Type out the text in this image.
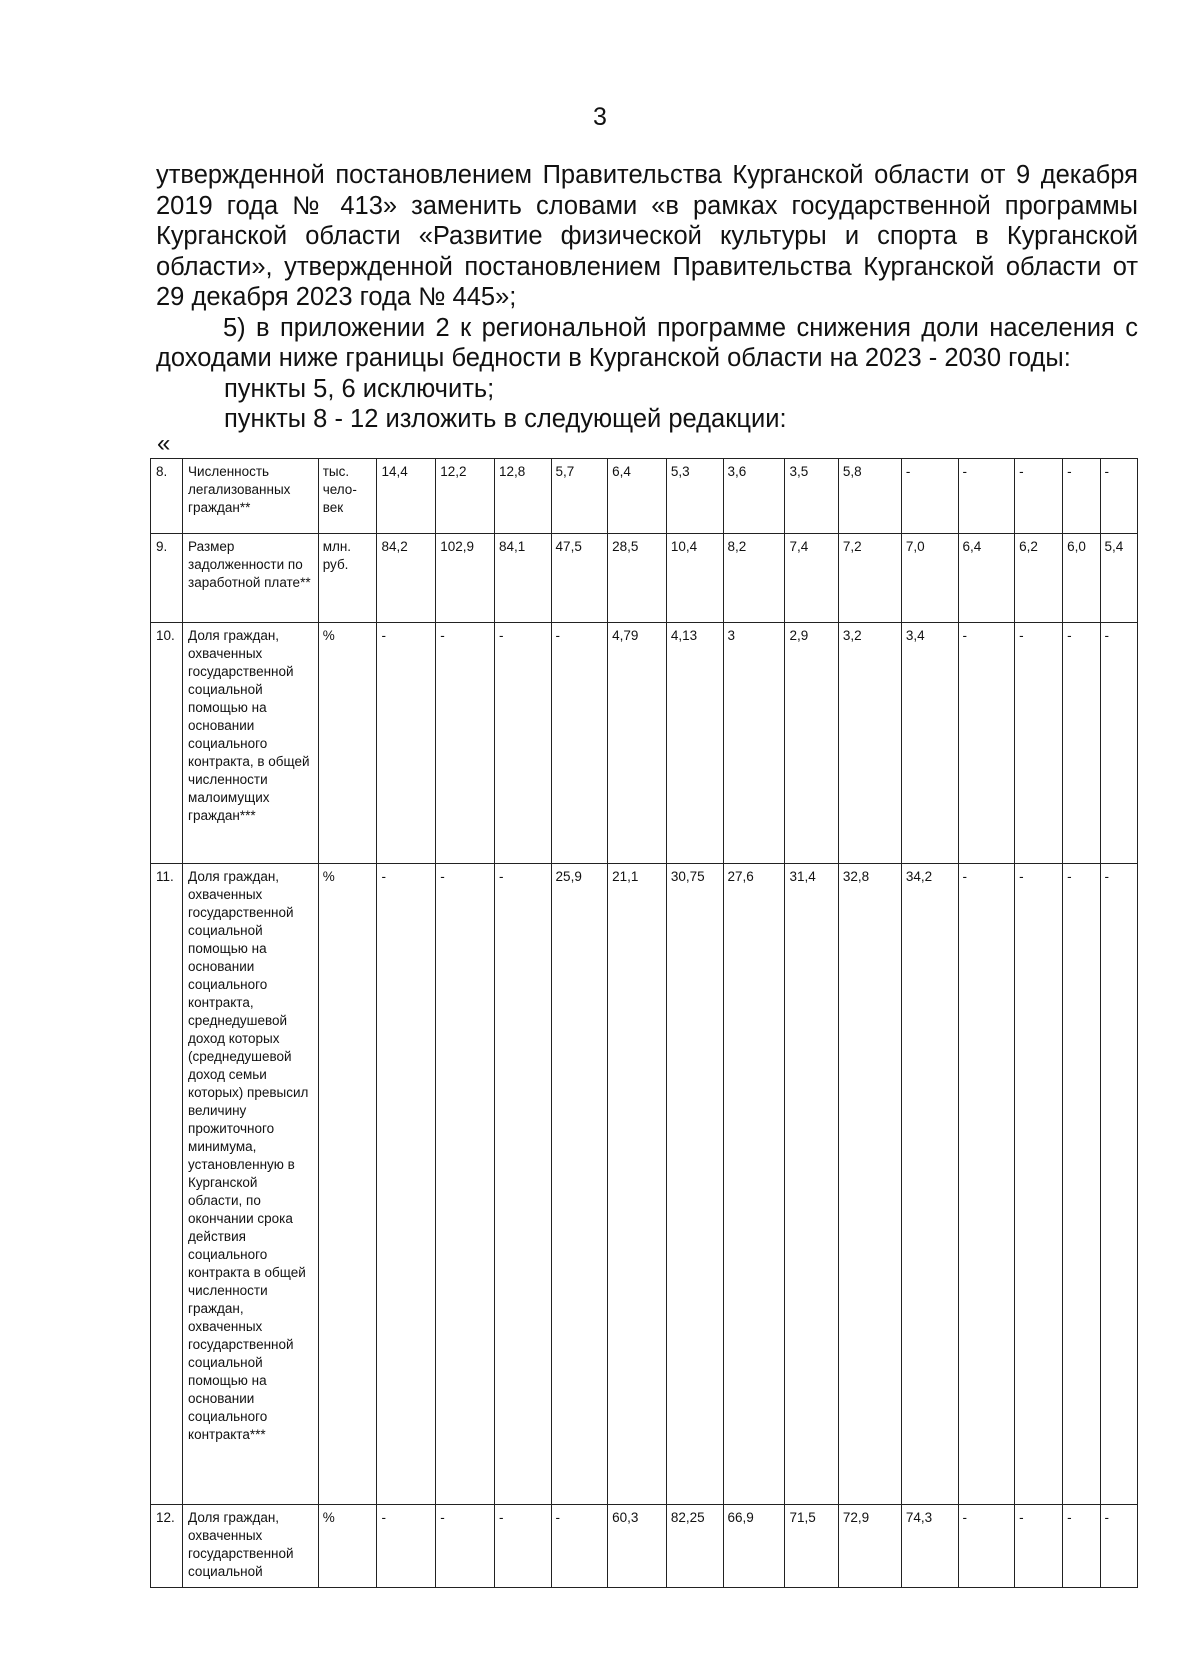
3

утвержденной постановлением Правительства Курганской области от 9 декабря 2019 года № 413» заменить словами «в рамках государственной программы Курганской области «Развитие физической культуры и спорта в Курганской области», утвержденной постановлением Правительства Курганской области от 29 декабря 2023 года № 445»;

5) в приложении 2 к региональной программе снижения доли населения с доходами ниже границы бедности в Курганской области на 2023 - 2030 годы:

пункты 5, 6 исключить;

пункты 8 - 12 изложить в следующей редакции:

«
8.	Численность легализованных граждан**	тыс. чело-век	14,4	12,2	12,8	5,7	6,4	5,3	3,6	3,5	5,8	-	-	-	-	-
9.	Размер задолженности по заработной плате**	млн. руб.	84,2	102,9	84,1	47,5	28,5	10,4	8,2	7,4	7,2	7,0	6,4	6,2	6,0	5,4
10.	Доля граждан, охваченных государственной социальной помощью на основании социального контракта, в общей численности малоимущих граждан***	%	-	-	-	-	4,79	4,13	3	2,9	3,2	3,4	-	-	-	-
11.	Доля граждан, охваченных государственной социальной помощью на основании социального контракта, среднедушевой доход которых (среднедушевой доход семьи которых) превысил величину прожиточного минимума, установленную в Курганской области, по окончании срока действия социального контракта в общей численности граждан, охваченных государственной социальной помощью на основании социального контракта***	%	-	-	-	25,9	21,1	30,75	27,6	31,4	32,8	34,2	-	-	-	-
12.	Доля граждан, охваченных государственной социальной	%	-	-	-	-	60,3	82,25	66,9	71,5	72,9	74,3	-	-	-	-
